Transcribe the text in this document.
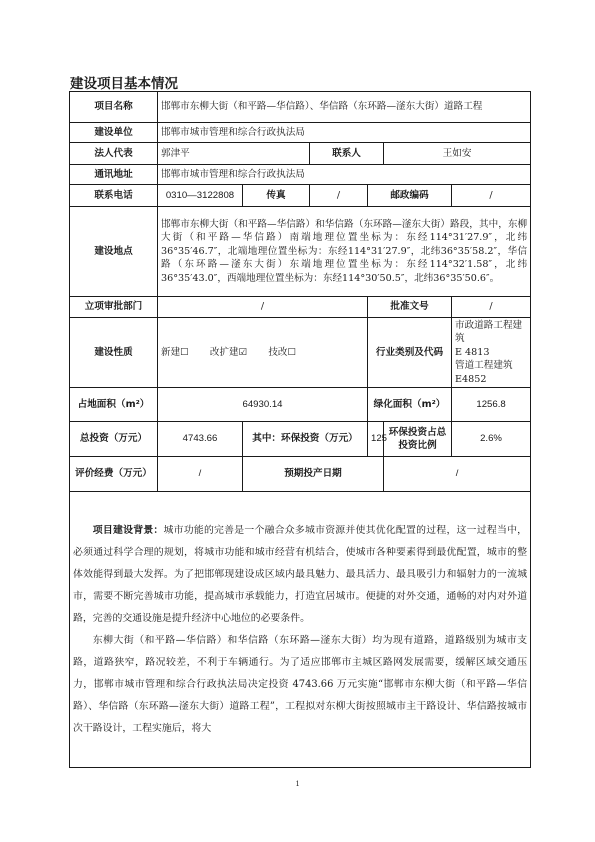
建设项目基本情况
项目名称	邯郸市东柳大街（和平路—华信路）、华信路（东环路—滏东大街）道路工程					
建设单位	邯郸市城市管理和综合行政执法局					
法人代表	郭津平		联系人		王如安	
通讯地址	邯郸市城市管理和综合行政执法局					
联系电话	0310—3122808	传真	/	邮政编码		/
建设地点	邯郸市东柳大街（和平路—华信路）和华信路（东环路—滏东大街）路段，其中，东柳大街（和平路—华信路）南端地理位置坐标为：东经114°31′27.9″，北纬36°35′46.7″，北端地理位置坐标为：东经114°31′27.9″，北纬36°35′58.2″，华信路（东环路—滏东大街）东端地理位置坐标为：东经114°32′1.58″，北纬36°35′43.0″，西端地理位置坐标为：东经114°30′50.5″，北纬36°35′50.6″。					
立项审批部门	/			批准文号		/
建设性质	新建☐ 改扩建☑ 技改☐			行业类别及代码		市政道路工程建筑
E 4813
管道工程建筑 E4852

占地面积（m²）	64930.14			绿化面积（m²）		1256.8
总投资（万元）	4743.66	其中：环保投资（万元）		125	环保投资占总投资比例	2.6%
评价经费（万元）	/	预期投产日期			/	

项目建设背景：城市功能的完善是一个融合众多城市资源并使其优化配置的过程，这一过程当中，必须通过科学合理的规划，将城市功能和城市经营有机结合，使城市各种要素得到最优配置，城市的整体效能得到最大发挥。为了把邯郸现建设成区域内最具魅力、最具活力、最具吸引力和辐射力的一流城市，需要不断完善城市功能，提高城市承载能力，打造宜居城市。便捷的对外交通，通畅的对内对外道路，完善的交通设施是提升经济中心地位的必要条件。

东柳大街（和平路—华信路）和华信路（东环路—滏东大街）均为现有道路，道路级别为城市支路，道路狭窄，路况较差，不利于车辆通行。为了适应邯郸市主城区路网发展需要，缓解区域交通压力，邯郸市城市管理和综合行政执法局决定投资 4743.66 万元实施“邯郸市东柳大街（和平路—华信路）、华信路（东环路—滏东大街）道路工程”，工程拟对东柳大街按照城市主干路设计、华信路按城市次干路设计，工程实施后，将大						

1
